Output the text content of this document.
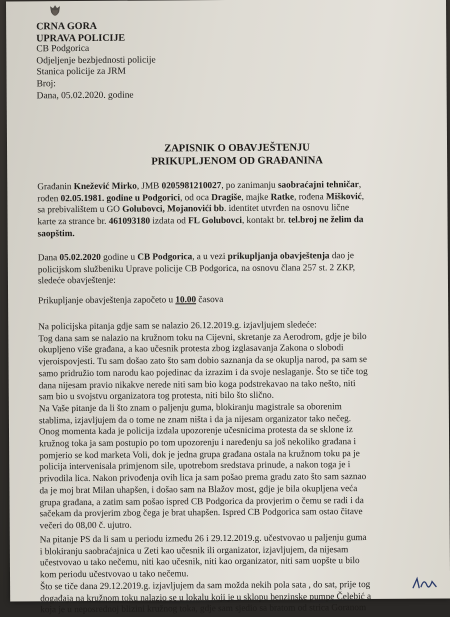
CRNA GORA
UPRAVA POLICIJE
CB Podgorica
Odjeljenje bezbjednosti policije
Stanica policije za JRM
Broj:
Dana, 05.02.2020. godine
ZAPISNIK O OBAVJEŠTENJU
PRIKUPLJENOM OD GRAĐANINA
Građanin Knežević Mirko, JMB 0205981210027, po zanimanju saobraćajni tehničar,
rođen 02.05.1981. godine u Podgorici, od oca Dragiše, majke Ratke, rođena Mišković,
sa prebivalištem u GO Golubovci, Mojanovići bb. identitet utvrđen na osnovu lične
karte za strance br. 461093180 izdata od FL Golubovci, kontakt br. tel.broj ne želim da
saopštim.
Dana 05.02.2020 godine u CB Podgorica, a u vezi prikupljanja obavještenja dao je
policijskom službeniku Uprave policije CB Podgorica, na osnovu člana 257 st. 2 ZKP,
sledeće obavještenje:
Prikupljanje obavještenja započeto u 10.00 časova
Na policijska pitanja gdje sam se nalazio 26.12.2019.g. izjavljujem sledeće:
Tog dana sam se nalazio na kružnom toku na Cijevni, skretanje za Aerodrom, gdje je bilo
okupljeno više građana, a kao učesnik protesta zbog izglasavanja Zakona o slobodi
vjeroispovjesti. Tu sam došao zato što sam dobio saznanja da se okuplja narod, pa sam se
samo pridružio tom narodu kao pojedinac da izrazim i da svoje neslaganje. Što se tiče tog
dana nijesam pravio nikakve nerede niti sam bio koga podstrekavao na tako nešto, niti
sam bio u svojstvu organizatora tog protesta, niti bilo što slično.
Na Vaše pitanje da li što znam o paljenju guma, blokiranju magistrale sa oborenim
stablima, izjavljujem da o tome ne znam ništa i da ja nijesam organizator tako nečeg.
Onog momenta kada je policija izdala upozorenje učesnicima protesta da se sklone iz
kružnog toka ja sam postupio po tom upozorenju i naređenju sa još nekoliko građana i
pomjerio se kod marketa Voli, dok je jedna grupa građana ostala na kružnom toku pa je
policija intervenisala primjenom sile, upotrebom sredstava prinude, a nakon toga je i
privodila lica. Nakon privođenja ovih lica ja sam pošao prema gradu zato što sam saznao
da je moj brat Milan uhapšen, i došao sam na Blažov most, gdje je bila okupljena veća
grupa građana, a zatim sam pošao ispred CB Podgorica da provjerim o čemu se radi i da
sačekam da provjerim zbog čega je brat uhapšen. Ispred CB Podgorica sam ostao čitave
večeri do 08,00 č. ujutro.
Na pitanje PS da li sam u periodu između 26 i 29.12.2019.g. učestvovao u paljenju guma
i blokiranju saobraćajnica u Zeti kao učesnik ili organizator, izjavljujem, da nijesam
učestvovao u tako nečemu, niti kao učesnik, niti kao organizator, niti sam uopšte u bilo
kom periodu učestvovao u tako nečemu.
Što se tiče dana 29.12.2019.g. izjavljujem da sam možda nekih pola sata , do sat, prije tog
događaja na kružnom toku nalazio se u lokalu koji je u sklopu benzinske pumpe Čelebić a
koja je u neposrednoj blizini kružnog toka, gdje sam sjedio sa bratom od strica Goranom
